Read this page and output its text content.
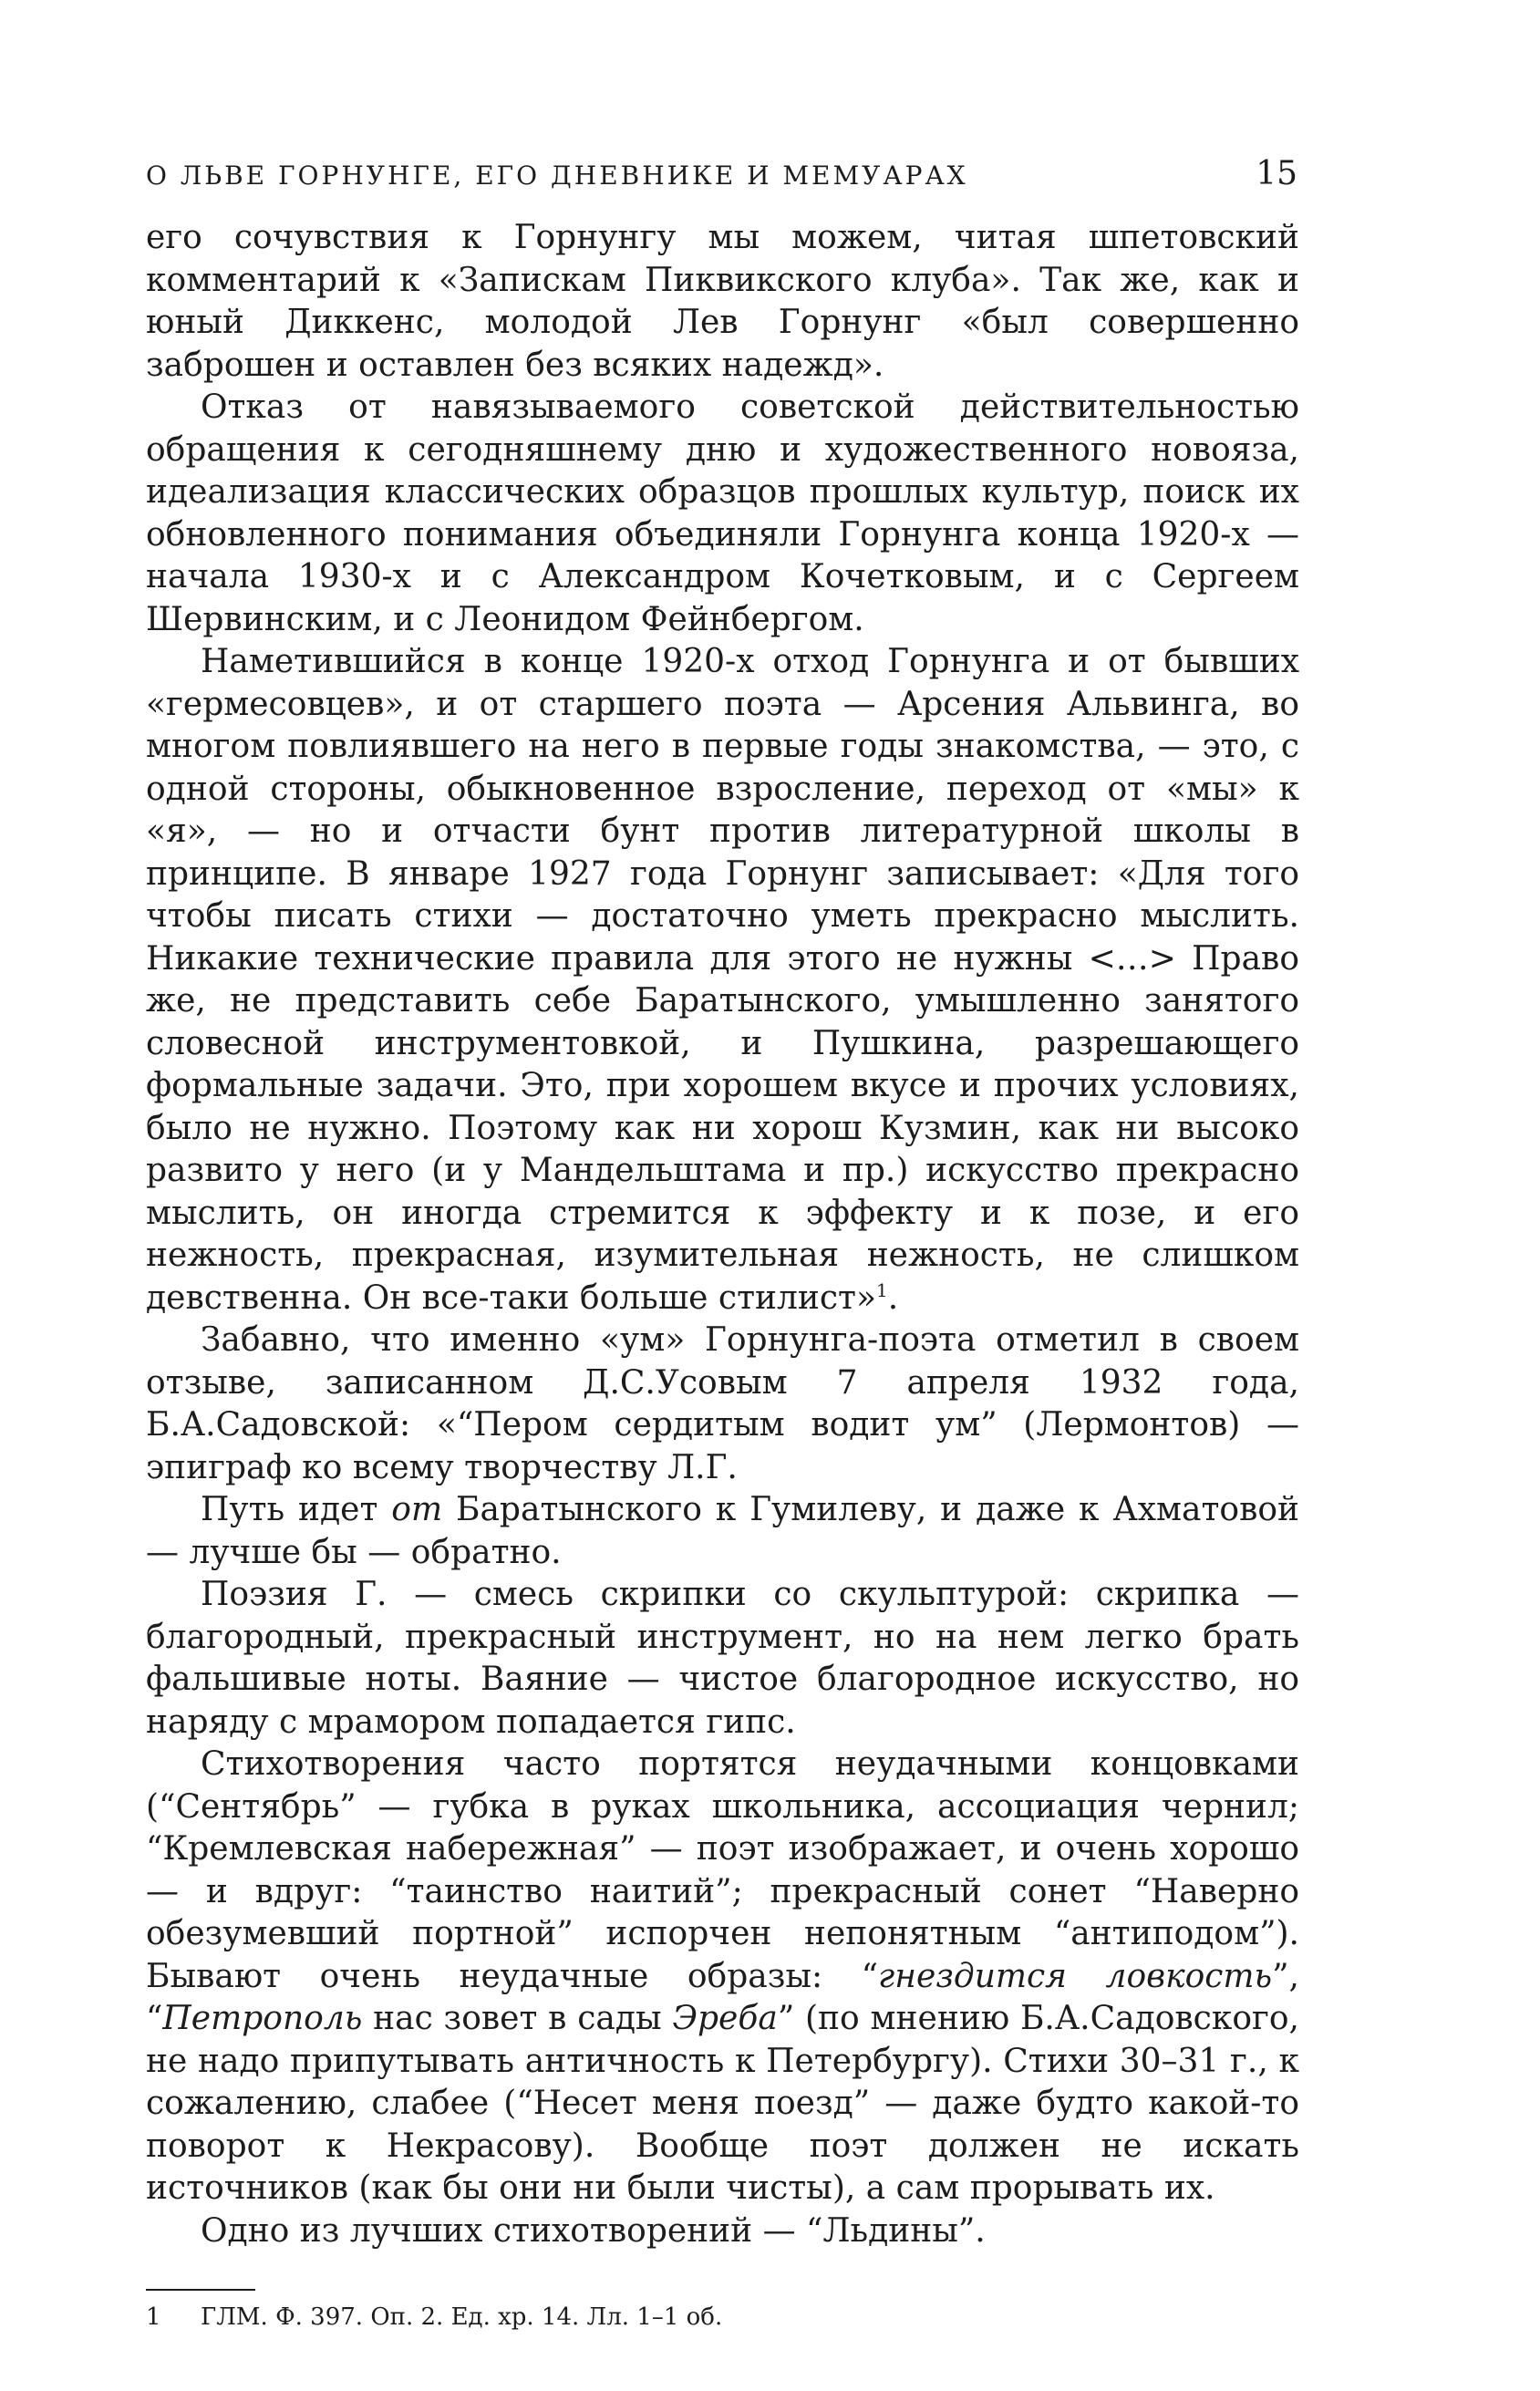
О ЛЬВЕ ГОРНУНГЕ, ЕГО ДНЕВНИКЕ И МЕМУАРАХ	15

его сочувствия к Горнунгу мы можем, читая шпетовский комментарий к «Запискам Пиквикского клуба». Так же, как и юный Диккенс, молодой Лев Горнунг «был совершенно заброшен и оставлен без всяких надежд».

Отказ от навязываемого советской действительностью обращения к сегодняшнему дню и художественного новояза, идеализация классических образцов прошлых культур, поиск их обновленного понимания объединяли Горнунга конца 1920-х — начала 1930-х и с Александром Кочетковым, и с Сергеем Шервинским, и с Леонидом Фейнбергом.

Наметившийся в конце 1920-х отход Горнунга и от бывших «гермесовцев», и от старшего поэта — Арсения Альвинга, во многом повлиявшего на него в первые годы знакомства, — это, с одной стороны, обыкновенное взросление, переход от «мы» к «я», — но и отчасти бунт против литературной школы в принципе. В январе 1927 года Горнунг записывает: «Для того чтобы писать стихи — достаточно уметь прекрасно мыслить. Никакие технические правила для этого не нужны <…> Право же, не представить себе Баратынского, умышленно занятого словесной инструментовкой, и Пушкина, разрешающего формальные задачи. Это, при хорошем вкусе и прочих условиях, было не нужно. Поэтому как ни хорош Кузмин, как ни высоко развито у него (и у Мандельштама и пр.) искусство прекрасно мыслить, он иногда стремится к эффекту и к позе, и его нежность, прекрасная, изумительная нежность, не слишком девственна. Он все-таки больше стилист»$^1$.

Забавно, что именно «ум» Горнунга-поэта отметил в своем отзыве, записанном Д.С.Усовым 7 апреля 1932 года, Б.А.Садовской: «“Пером сердитым водит ум” (Лермонтов) — эпиграф ко всему творчеству Л.Г.

Путь идет от Баратынского к Гумилеву, и даже к Ахматовой — лучше бы — обратно.

Поэзия Г. — смесь скрипки со скульптурой: скрипка — благородный, прекрасный инструмент, но на нем легко брать фальшивые ноты. Ваяние — чистое благородное искусство, но наряду с мрамором попадается гипс.

Стихотворения часто портятся неудачными концовками (“Сентябрь” — губка в руках школьника, ассоциация чернил; “Кремлевская набережная” — поэт изображает, и очень хорошо — и вдруг: “таинство наитий”; прекрасный сонет “Наверно обезумевший портной” испорчен непонятным “антиподом”). Бывают очень неудачные образы: “гнездится ловкость”, “Петрополь нас зовет в сады Эреба” (по мнению Б.А.Садовского, не надо припутывать античность к Петербургу). Стихи 30–31 г., к сожалению, слабее (“Несет меня поезд” — даже будто какой-то поворот к Некрасову). Вообще поэт должен не искать источников (как бы они ни были чисты), а сам прорывать их.

Одно из лучших стихотворений — “Льдины”.

1	ГЛМ. Ф. 397. Оп. 2. Ед. хр. 14. Лл. 1–1 об.
